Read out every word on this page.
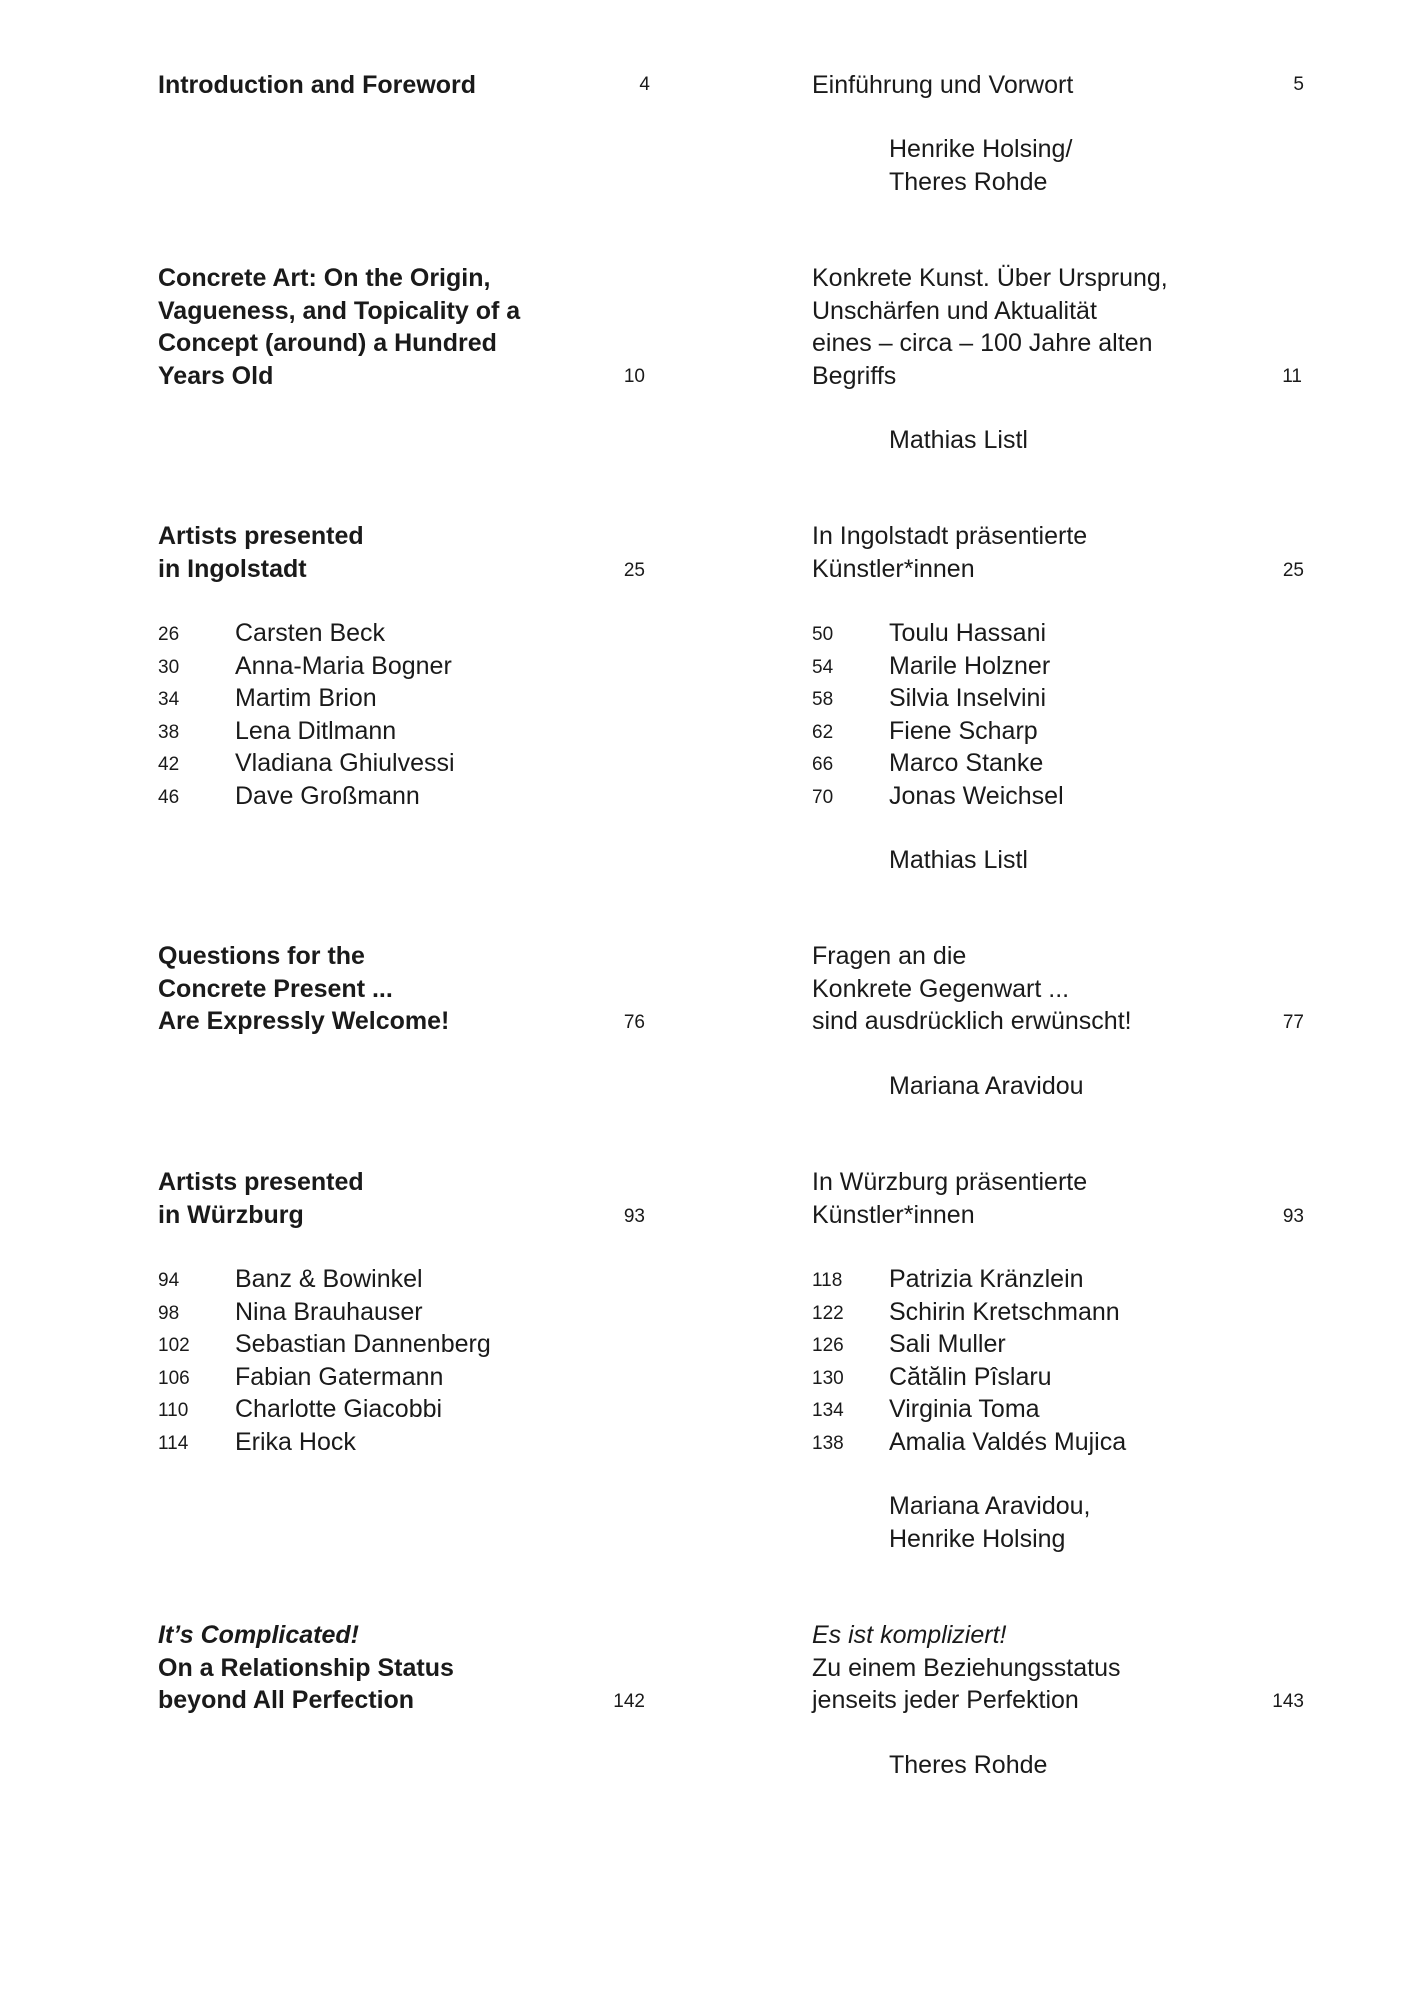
Introduction and Foreword	4	Einführung und Vorwort	5
Henrike Holsing/
Theres Rohde
Concrete Art: On the Origin,
Vagueness, and Topicality of a
Concept (around) a Hundred
Years Old	10
Konkrete Kunst. Über Ursprung,
Unschärfen und Aktualität
eines – circa – 100 Jahre alten
Begriffs	11
Mathias Listl
Artists presented
in Ingolstadt	25
In Ingolstadt präsentierte
Künstler*innen	25
26	Carsten Beck
30	Anna-Maria Bogner
34	Martim Brion
38	Lena Ditlmann
42	Vladiana Ghiulvessi
46	Dave Großmann
50	Toulu Hassani
54	Marile Holzner
58	Silvia Inselvini
62	Fiene Scharp
66	Marco Stanke
70	Jonas Weichsel
Mathias Listl
Questions for the
Concrete Present ...
Are Expressly Welcome!	76
Fragen an die
Konkrete Gegenwart ...
sind ausdrücklich erwünscht!	77
Mariana Aravidou
Artists presented
in Würzburg	93
In Würzburg präsentierte
Künstler*innen	93
94	Banz & Bowinkel
98	Nina Brauhauser
102	Sebastian Dannenberg
106	Fabian Gatermann
110	Charlotte Giacobbi
114	Erika Hock
118	Patrizia Kränzlein
122	Schirin Kretschmann
126	Sali Muller
130	Cătălin Pîslaru
134	Virginia Toma
138	Amalia Valdés Mujica
Mariana Aravidou,
Henrike Holsing
It’s Complicated!
On a Relationship Status
beyond All Perfection	142
Es ist kompliziert!
Zu einem Beziehungsstatus
jenseits jeder Perfektion	143
Theres Rohde
